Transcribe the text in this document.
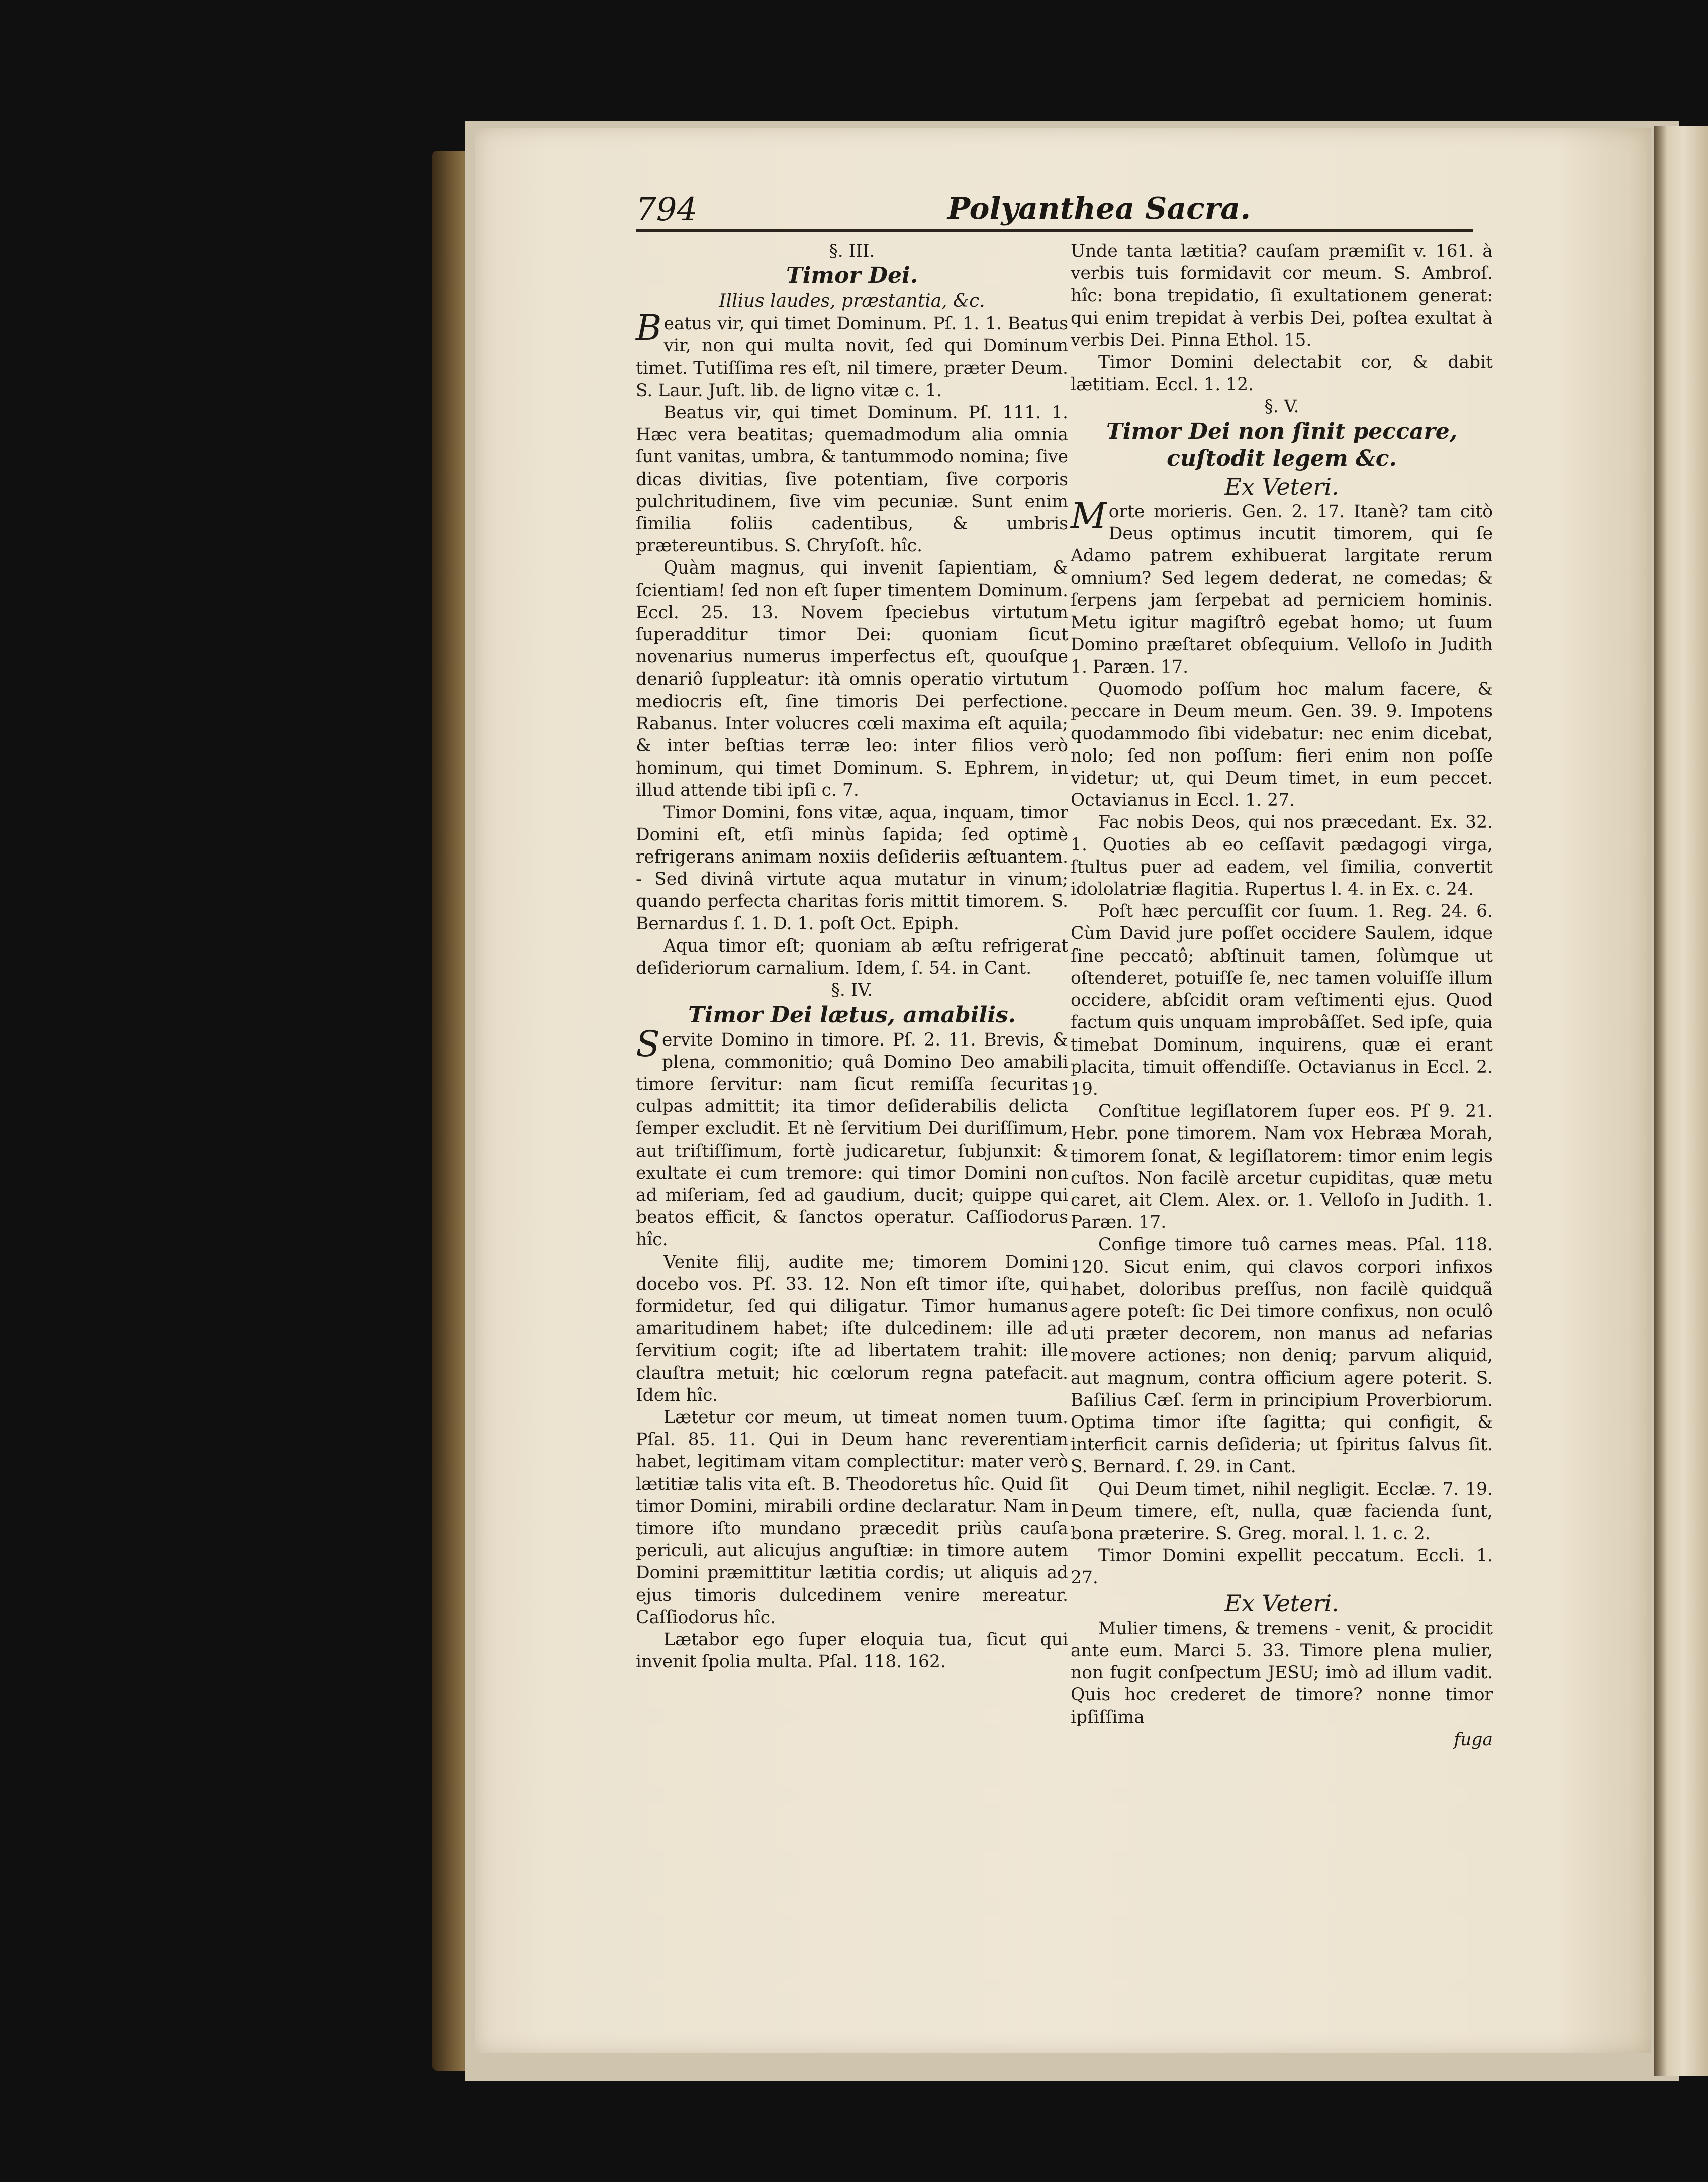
794	Polyanthea Sacra.

§. III.

Timor Dei.

Illius laudes, præstantia, &c.

Beatus vir, qui timet Dominum. Pſ. 1. 1. Beatus vir, non qui multa novit, ſed qui Dominum timet. Tutiſſima res eſt, nil timere, præter Deum. S. Laur. Juſt. lib. de ligno vitæ c. 1.

Beatus vir, qui timet Dominum. Pſ. 111. 1. Hæc vera beatitas; quemadmodum alia omnia ſunt vanitas, umbra, & tantummodo nomina; ſive dicas divitias, ſive potentiam, ſive corporis pulchritudinem, ſive vim pecuniæ. Sunt enim ſimilia foliis cadentibus, & umbris prætereuntibus. S. Chryſoſt. hîc.

Quàm magnus, qui invenit ſapientiam, & ſcientiam! ſed non eſt ſuper timentem Dominum. Eccl. 25. 13. Novem ſpeciebus virtutum ſuperadditur timor Dei: quoniam ſicut novenarius numerus imperfectus eſt, quouſque denariô ſuppleatur: ità omnis operatio virtutum mediocris eſt, ſine timoris Dei perfectione. Rabanus. Inter volucres cœli maxima eſt aquila; & inter beſtias terræ leo: inter filios verò hominum, qui timet Dominum. S. Ephrem, in illud attende tibi ipſi c. 7.

Timor Domini, fons vitæ, aqua, inquam, timor Domini eſt, etſi minùs ſapida; ſed optimè refrigerans animam noxiis deſideriis æſtuantem. - Sed divinâ virtute aqua mutatur in vinum; quando perfecta charitas foris mittit timorem. S. Bernardus ſ. 1. D. 1. poſt Oct. Epiph.

Aqua timor eſt; quoniam ab æſtu refrigerat deſideriorum carnalium. Idem, ſ. 54. in Cant.

§. IV.

Timor Dei lætus, amabilis.

Servite Domino in timore. Pſ. 2. 11. Brevis, & plena, commonitio; quâ Domino Deo amabili timore ſervitur: nam ſicut remiſſa ſecuritas culpas admittit; ita timor deſiderabilis delicta ſemper excludit. Et nè ſervitium Dei duriſſimum, aut triſtiſſimum, fortè judicaretur, ſubjunxit: & exultate ei cum tremore: qui timor Domini non ad miſeriam, ſed ad gaudium, ducit; quippe qui beatos efficit, & ſanctos operatur. Caſſiodorus hîc.

Venite filij, audite me; timorem Domini docebo vos. Pſ. 33. 12. Non eſt timor iſte, qui formidetur, ſed qui diligatur. Timor humanus amaritudinem habet; iſte dulcedinem: ille ad ſervitium cogit; iſte ad libertatem trahit: ille clauſtra metuit; hic cœlorum regna patefacit. Idem hîc.

Lætetur cor meum, ut timeat nomen tuum. Pſal. 85. 11. Qui in Deum hanc reverentiam habet, legitimam vitam complectitur: mater verò lætitiæ talis vita eſt. B. Theodoretus hîc. Quid ſit timor Domini, mirabili ordine declaratur. Nam in timore iſto mundano præcedit priùs cauſa periculi, aut alicujus anguſtiæ: in timore autem Domini præmittitur lætitia cordis; ut aliquis ad ejus timoris dulcedinem venire mereatur. Caſſiodorus hîc.

Lætabor ego ſuper eloquia tua, ſicut qui invenit ſpolia multa. Pſal. 118. 162.

Unde tanta lætitia? cauſam præmiſit v. 161. à verbis tuis formidavit cor meum. S. Ambroſ. hîc: bona trepidatio, ſi exultationem generat: qui enim trepidat à verbis Dei, poſtea exultat à verbis Dei. Pinna Ethol. 15.

Timor Domini delectabit cor, & dabit lætitiam. Eccl. 1. 12.

§. V.

Timor Dei non ſinit peccare, cuſtodit legem &c.

Ex Veteri.

Morte morieris. Gen. 2. 17. Itanè? tam citò Deus optimus incutit timorem, qui ſe Adamo patrem exhibuerat largitate rerum omnium? Sed legem dederat, ne comedas; & ſerpens jam ſerpebat ad perniciem hominis. Metu igitur magiſtrô egebat homo; ut ſuum Domino præſtaret obſequium. Velloſo in Judith 1. Paræn. 17.

Quomodo poſſum hoc malum facere, & peccare in Deum meum. Gen. 39. 9. Impotens quodammodo ſibi videbatur: nec enim dicebat, nolo; ſed non poſſum: fieri enim non poſſe videtur; ut, qui Deum timet, in eum peccet. Octavianus in Eccl. 1. 27.

Fac nobis Deos, qui nos præcedant. Ex. 32. 1. Quoties ab eo ceſſavit pædagogi virga, ſtultus puer ad eadem, vel ſimilia, convertit idololatriæ flagitia. Rupertus l. 4. in Ex. c. 24.

Poſt hæc percuſſit cor ſuum. 1. Reg. 24. 6. Cùm David jure poſſet occidere Saulem, idque ſine peccatô; abſtinuit tamen, ſolùmque ut oſtenderet, potuiſſe ſe, nec tamen voluiſſe illum occidere, abſcidit oram veſtimenti ejus. Quod factum quis unquam improbâſſet. Sed ipſe, quia timebat Dominum, inquirens, quæ ei erant placita, timuit offendiſſe. Octavianus in Eccl. 2. 19.

Conſtitue legiſlatorem ſuper eos. Pſ 9. 21. Hebr. pone timorem. Nam vox Hebræa Morah, timorem ſonat, & legiſlatorem: timor enim legis cuſtos. Non facilè arcetur cupiditas, quæ metu caret, ait Clem. Alex. or. 1. Velloſo in Judith. 1. Paræn. 17.

Confige timore tuô carnes meas. Pſal. 118. 120. Sicut enim, qui clavos corpori infixos habet, doloribus preſſus, non facilè quidquã agere poteſt: ſic Dei timore confixus, non oculô uti præter decorem, non manus ad nefarias movere actiones; non deniq; parvum aliquid, aut magnum, contra officium agere poterit. S. Baſilius Cæſ. ſerm in principium Proverbiorum. Optima timor iſte ſagitta; qui configit, & interficit carnis deſideria; ut ſpiritus ſalvus ſit. S. Bernard. ſ. 29. in Cant.

Qui Deum timet, nihil negligit. Ecclæ. 7. 19. Deum timere, eſt, nulla, quæ facienda ſunt, bona præterire. S. Greg. moral. l. 1. c. 2.

Timor Domini expellit peccatum. Eccli. 1. 27.

Ex Veteri.

Mulier timens, & tremens - venit, & procidit ante eum. Marci 5. 33. Timore plena mulier, non fugit conſpectum JESU; imò ad illum vadit. Quis hoc crederet de timore? nonne timor ipſiſſima

fuga
